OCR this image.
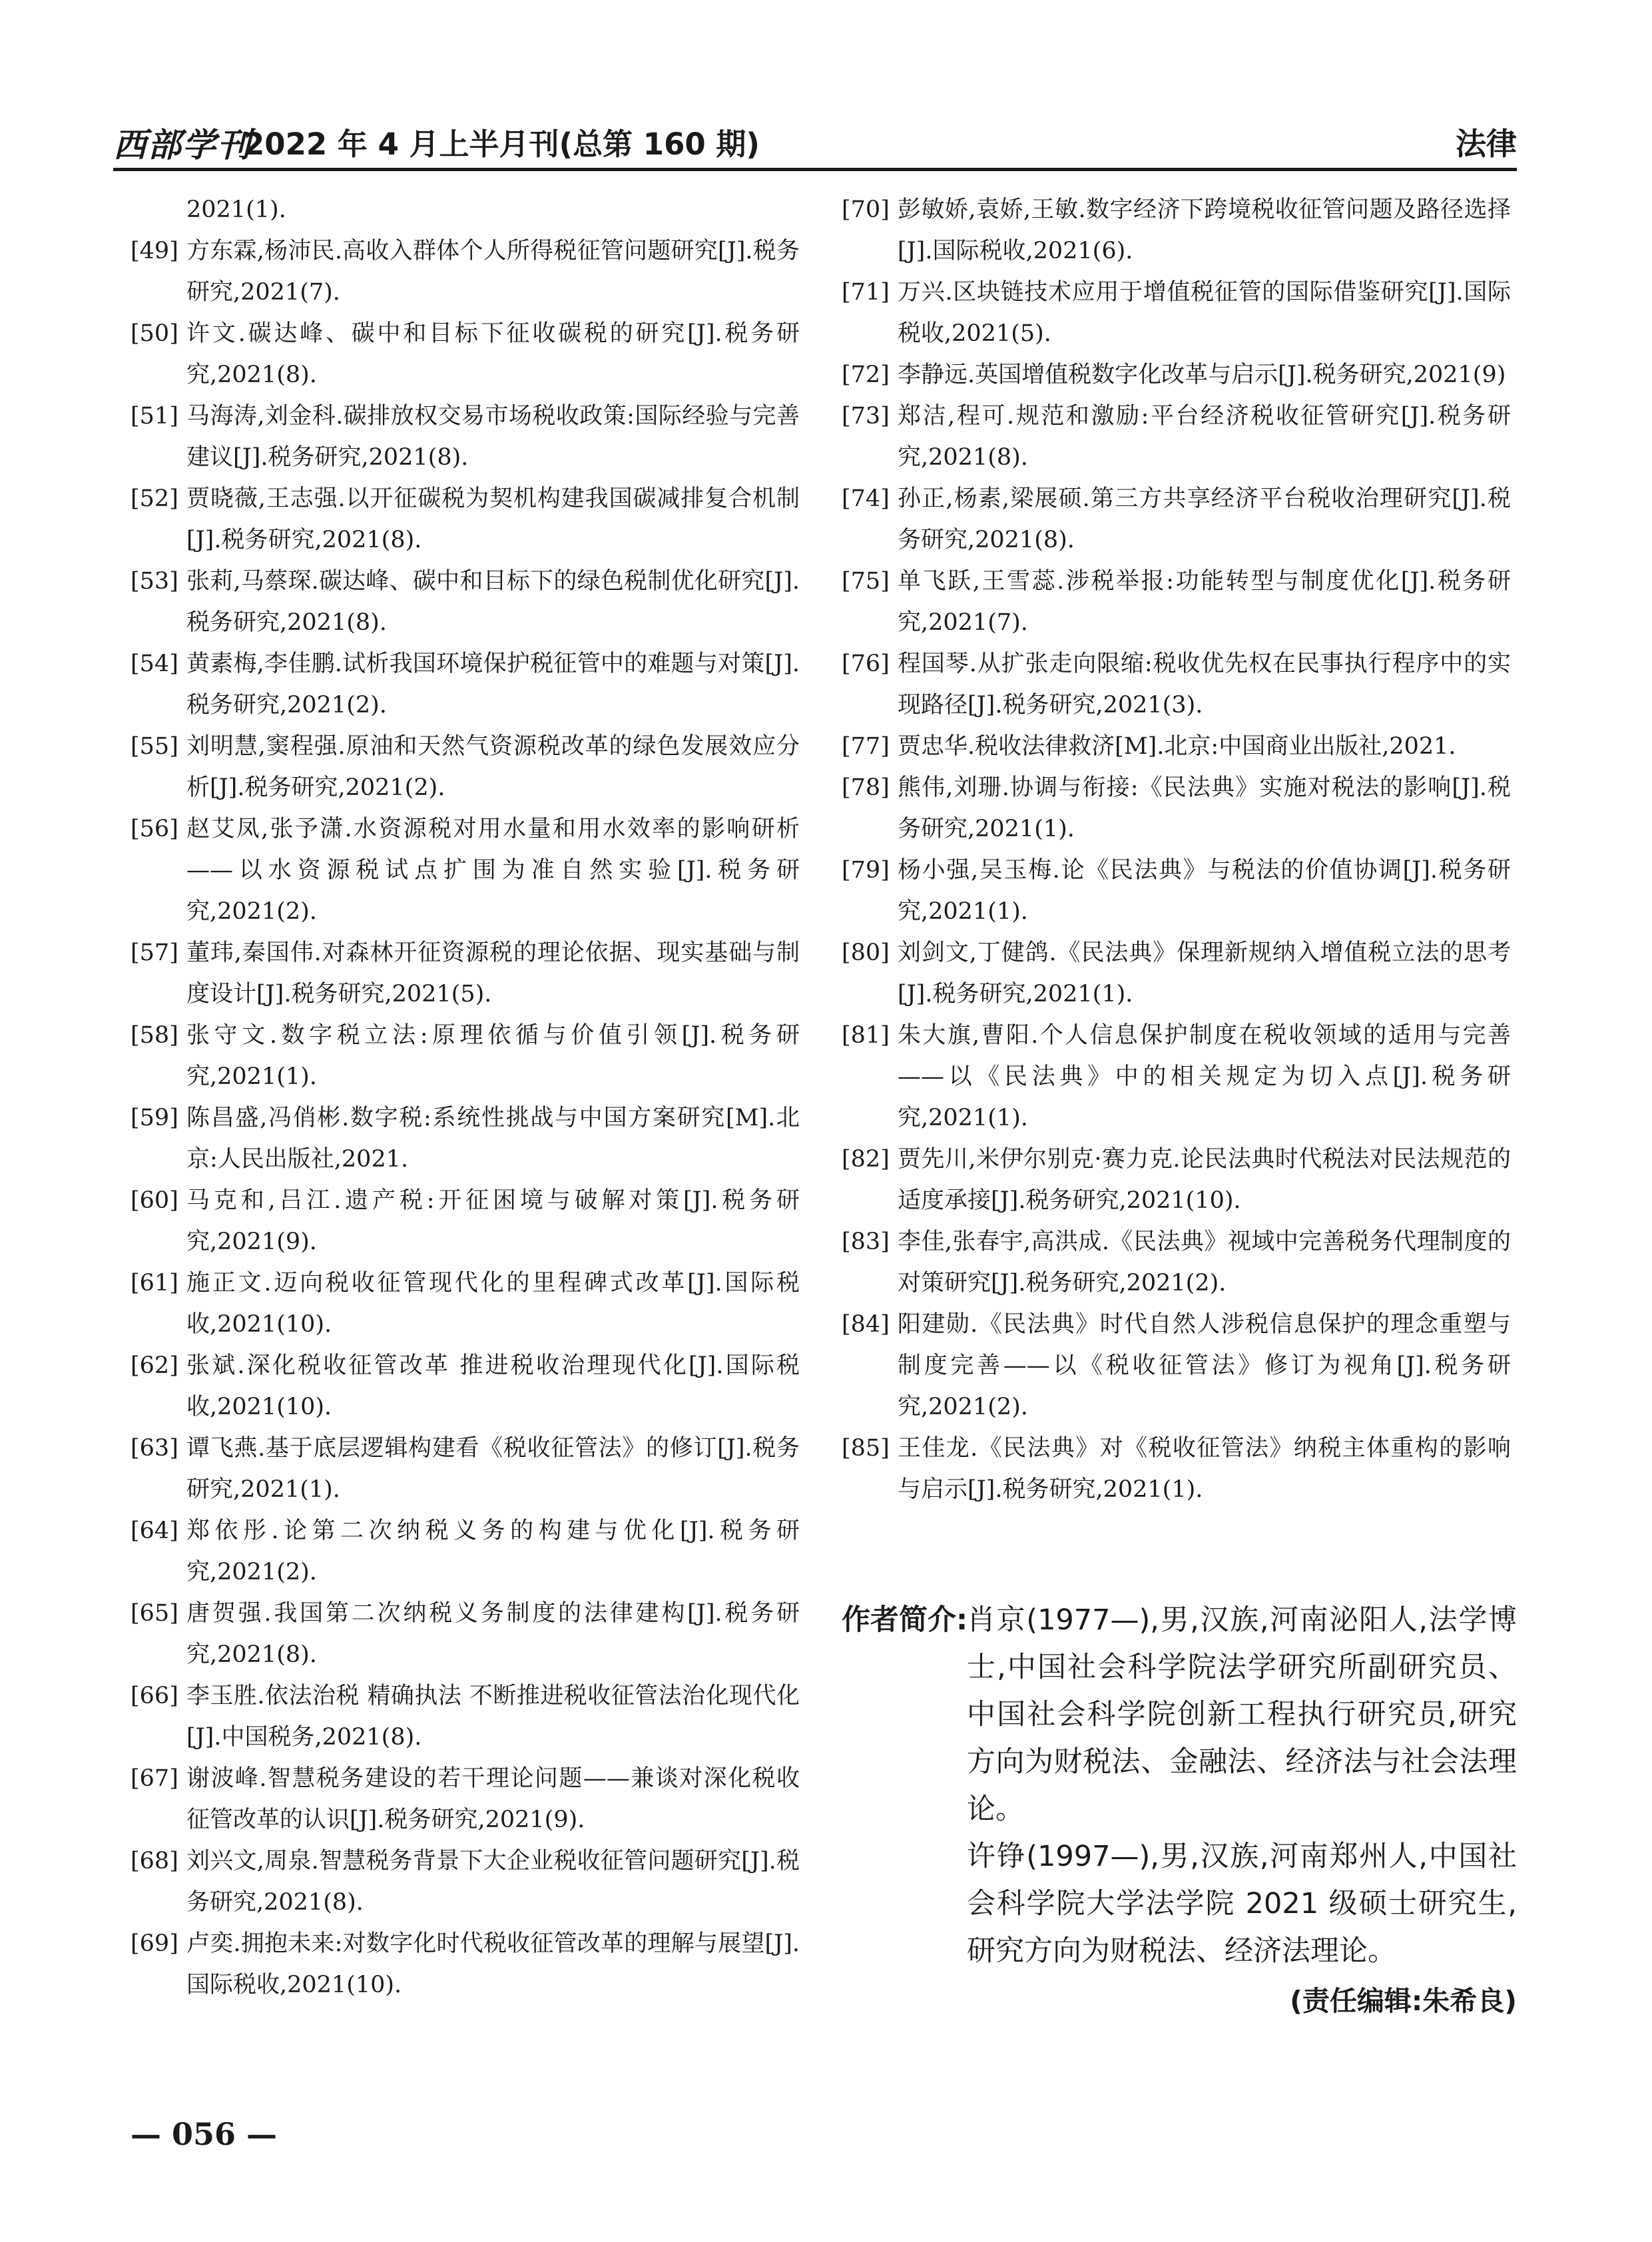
西部学刊
2022 年 4 月上半月刊(总第 160 期)	法律
2021(1).
[49] 方东霖,杨沛民.高收入群体个人所得税征管问题研究[J].税务研究,2021(7).
[50] 许文.碳达峰、碳中和目标下征收碳税的研究[J].税务研究,2021(8).
[51] 马海涛,刘金科.碳排放权交易市场税收政策:国际经验与完善建议[J].税务研究,2021(8).
[52] 贾晓薇,王志强.以开征碳税为契机构建我国碳减排复合机制[J].税务研究,2021(8).
[53] 张莉,马蔡琛.碳达峰、碳中和目标下的绿色税制优化研究[J].税务研究,2021(8).
[54] 黄素梅,李佳鹏.试析我国环境保护税征管中的难题与对策[J].税务研究,2021(2).
[55] 刘明慧,窦程强.原油和天然气资源税改革的绿色发展效应分析[J].税务研究,2021(2).
[56] 赵艾凤,张予潇.水资源税对用水量和用水效率的影响研析——以水资源税试点扩围为准自然实验[J].税务研究,2021(2).
[57] 董玮,秦国伟.对森林开征资源税的理论依据、现实基础与制度设计[J].税务研究,2021(5).
[58] 张守文.数字税立法:原理依循与价值引领[J].税务研究,2021(1).
[59] 陈昌盛,冯俏彬.数字税:系统性挑战与中国方案研究[M].北京:人民出版社,2021.
[60] 马克和,吕江.遗产税:开征困境与破解对策[J].税务研究,2021(9).
[61] 施正文.迈向税收征管现代化的里程碑式改革[J].国际税收,2021(10).
[62] 张斌.深化税收征管改革 推进税收治理现代化[J].国际税收,2021(10).
[63] 谭飞燕.基于底层逻辑构建看《税收征管法》的修订[J].税务研究,2021(1).
[64] 郑依彤.论第二次纳税义务的构建与优化[J].税务研究,2021(2).
[65] 唐贺强.我国第二次纳税义务制度的法律建构[J].税务研究,2021(8).
[66] 李玉胜.依法治税 精确执法 不断推进税收征管法治化现代化[J].中国税务,2021(8).
[67] 谢波峰.智慧税务建设的若干理论问题——兼谈对深化税收征管改革的认识[J].税务研究,2021(9).
[68] 刘兴文,周泉.智慧税务背景下大企业税收征管问题研究[J].税务研究,2021(8).
[69] 卢奕.拥抱未来:对数字化时代税收征管改革的理解与展望[J].国际税收,2021(10).
[70] 彭敏娇,袁娇,王敏.数字经济下跨境税收征管问题及路径选择[J].国际税收,2021(6).
[71] 万兴.区块链技术应用于增值税征管的国际借鉴研究[J].国际税收,2021(5).
[72] 李静远.英国增值税数字化改革与启示[J].税务研究,2021(9)
[73] 郑洁,程可.规范和激励:平台经济税收征管研究[J].税务研究,2021(8).
[74] 孙正,杨素,梁展硕.第三方共享经济平台税收治理研究[J].税务研究,2021(8).
[75] 单飞跃,王雪蕊.涉税举报:功能转型与制度优化[J].税务研究,2021(7).
[76] 程国琴.从扩张走向限缩:税收优先权在民事执行程序中的实现路径[J].税务研究,2021(3).
[77] 贾忠华.税收法律救济[M].北京:中国商业出版社,2021.
[78] 熊伟,刘珊.协调与衔接:《民法典》实施对税法的影响[J].税务研究,2021(1).
[79] 杨小强,吴玉梅.论《民法典》与税法的价值协调[J].税务研究,2021(1).
[80] 刘剑文,丁健鸽.《民法典》保理新规纳入增值税立法的思考[J].税务研究,2021(1).
[81] 朱大旗,曹阳.个人信息保护制度在税收领域的适用与完善——以《民法典》中的相关规定为切入点[J].税务研究,2021(1).
[82] 贾先川,米伊尔别克·赛力克.论民法典时代税法对民法规范的适度承接[J].税务研究,2021(10).
[83] 李佳,张春宇,高洪成.《民法典》视域中完善税务代理制度的对策研究[J].税务研究,2021(2).
[84] 阳建勋.《民法典》时代自然人涉税信息保护的理念重塑与制度完善——以《税收征管法》修订为视角[J].税务研究,2021(2).
[85] 王佳龙.《民法典》对《税收征管法》纳税主体重构的影响与启示[J].税务研究,2021(1).
作者简介:
肖京(1977—),男,汉族,河南泌阳人,法学博士,中国社会科学院法学研究所副研究员、中国社会科学院创新工程执行研究员,研究方向为财税法、金融法、经济法与社会法理论。
许铮(1997—),男,汉族,河南郑州人,中国社会科学院大学法学院 2021 级硕士研究生,研究方向为财税法、经济法理论。
(责任编辑:朱希良)
— 056 —
